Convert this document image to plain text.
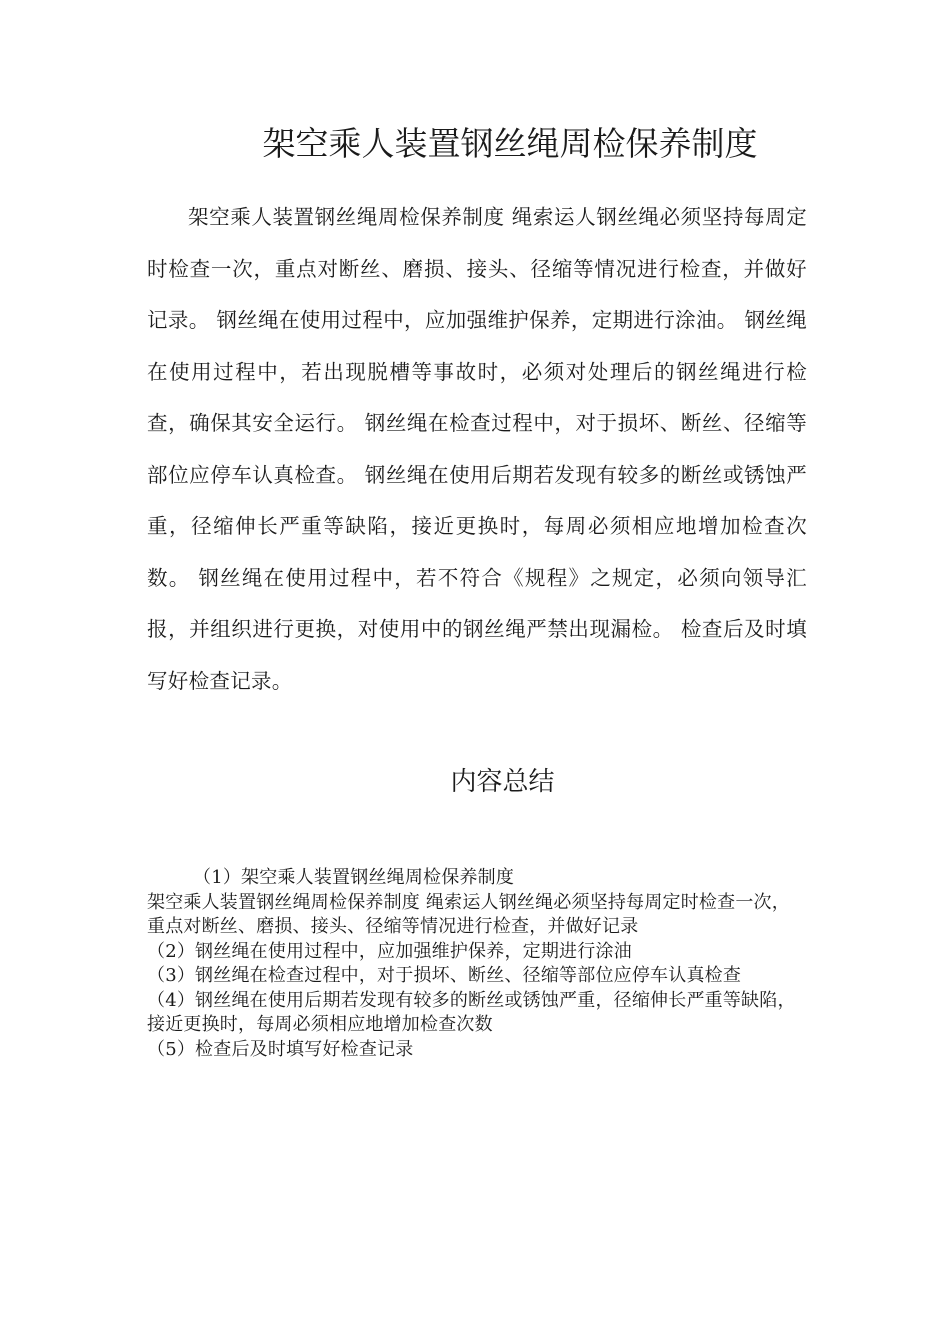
架空乘人装置钢丝绳周检保养制度

架空乘人装置钢丝绳周检保养制度 绳索运人钢丝绳必须坚持每周定时检查一次，重点对断丝、磨损、接头、径缩等情况进行检查，并做好记录。 钢丝绳在使用过程中，应加强维护保养，定期进行涂油。 钢丝绳在使用过程中，若出现脱槽等事故时，必须对处理后的钢丝绳进行检查，确保其安全运行。 钢丝绳在检查过程中，对于损坏、断丝、径缩等部位应停车认真检查。 钢丝绳在使用后期若发现有较多的断丝或锈蚀严重，径缩伸长严重等缺陷，接近更换时，每周必须相应地增加检查次数。 钢丝绳在使用过程中，若不符合《规程》之规定，必须向领导汇报，并组织进行更换，对使用中的钢丝绳严禁出现漏检。 检查后及时填写好检查记录。

内容总结

（1）架空乘人装置钢丝绳周检保养制度

架空乘人装置钢丝绳周检保养制度 绳索运人钢丝绳必须坚持每周定时检查一次，重点对断丝、磨损、接头、径缩等情况进行检查，并做好记录

（2）钢丝绳在使用过程中，应加强维护保养，定期进行涂油

（3）钢丝绳在检查过程中，对于损坏、断丝、径缩等部位应停车认真检查

（4）钢丝绳在使用后期若发现有较多的断丝或锈蚀严重，径缩伸长严重等缺陷，接近更换时，每周必须相应地增加检查次数

（5）检查后及时填写好检查记录
